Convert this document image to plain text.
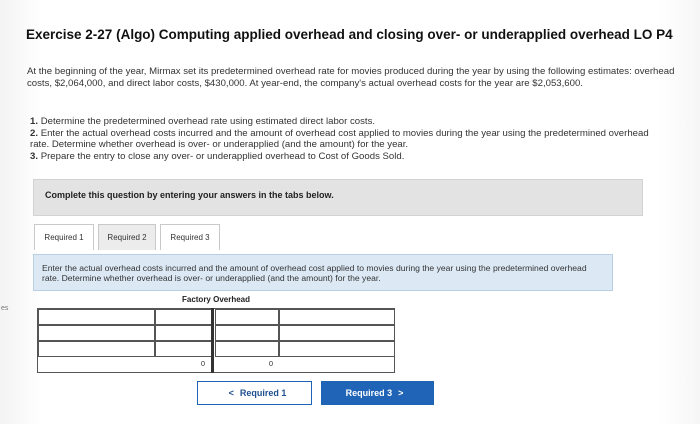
es
Exercise 2-27 (Algo) Computing applied overhead and closing over- or underapplied overhead LO P4
At the beginning of the year, Mirmax set its predetermined overhead rate for movies produced during the year by using the following estimates: overhead costs, $2,064,000, and direct labor costs, $430,000. At year-end, the company's actual overhead costs for the year are $2,053,600.
1. Determine the predetermined overhead rate using estimated direct labor costs.
2. Enter the actual overhead costs incurred and the amount of overhead cost applied to movies during the year using the predetermined overhead rate. Determine whether overhead is over- or underapplied (and the amount) for the year.
3. Prepare the entry to close any over- or underapplied overhead to Cost of Goods Sold.
Complete this question by entering your answers in the tabs below.
Required 1	Required 2	Required 3
Enter the actual overhead costs incurred and the amount of overhead cost applied to movies during the year using the predetermined overhead rate. Determine whether overhead is over- or underapplied (and the amount) for the year.
Factory Overhead
0	0
< Required 1	Required 3 >
